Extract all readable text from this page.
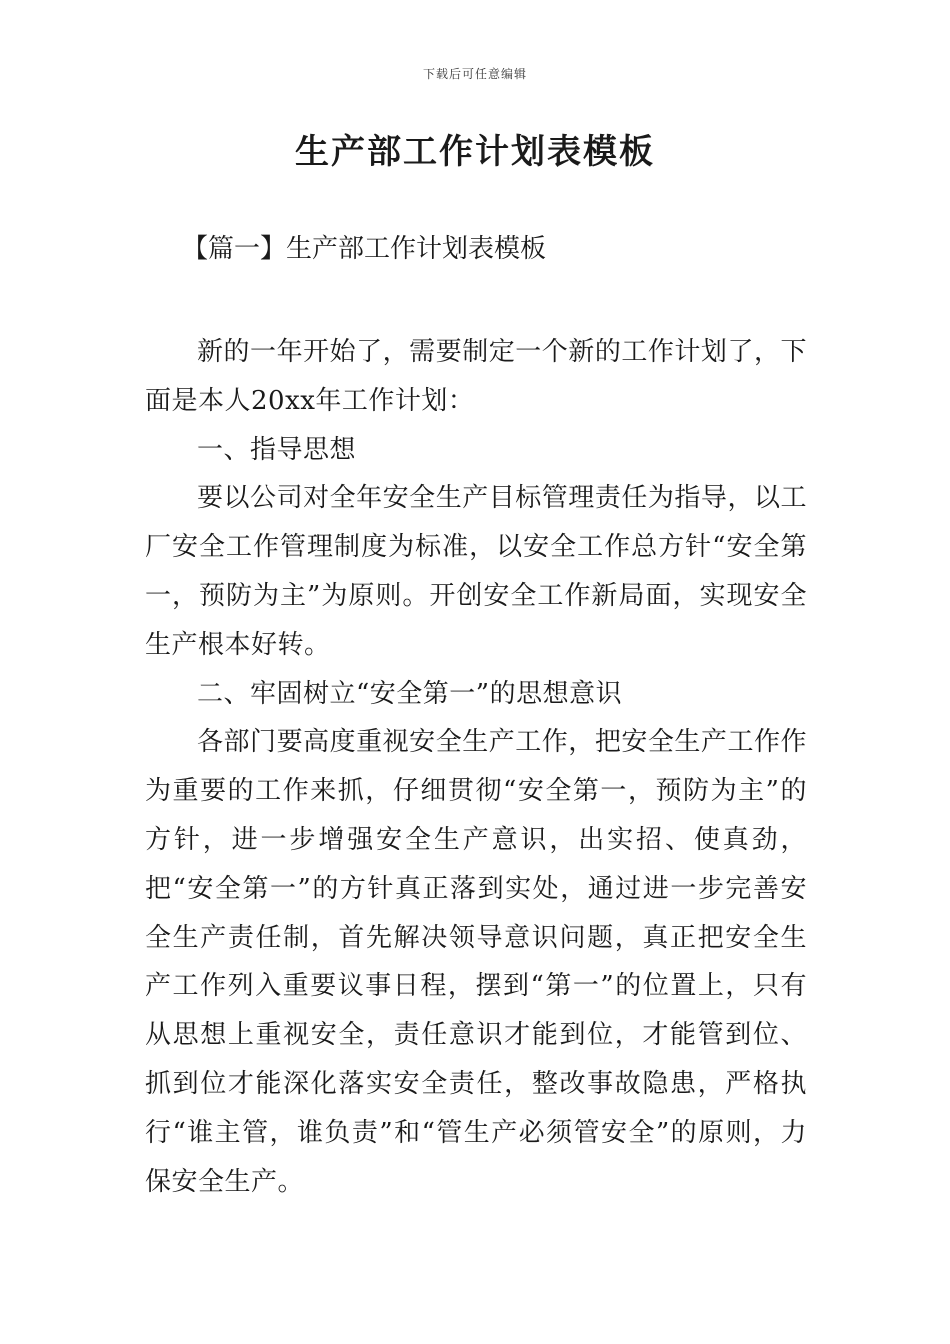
下载后可任意编辑
生产部工作计划表模板
【篇一】生产部工作计划表模板

新的一年开始了，需要制定一个新的工作计划了，下面是本人20xx年工作计划：

一、指导思想

要以公司对全年安全生产目标管理责任为指导，以工厂安全工作管理制度为标准，以安全工作总方针“安全第一，预防为主”为原则。开创安全工作新局面，实现安全生产根本好转。

二、牢固树立“安全第一”的思想意识

各部门要高度重视安全生产工作，把安全生产工作作为重要的工作来抓，仔细贯彻“安全第一，预防为主”的方针，进一步增强安全生产意识，出实招、使真劲，把“安全第一”的方针真正落到实处，通过进一步完善安全生产责任制，首先解决领导意识问题，真正把安全生产工作列入重要议事日程，摆到“第一”的位置上，只有从思想上重视安全，责任意识才能到位，才能管到位、抓到位才能深化落实安全责任，整改事故隐患，严格执行“谁主管，谁负责”和“管生产必须管安全”的原则，力保安全生产。
